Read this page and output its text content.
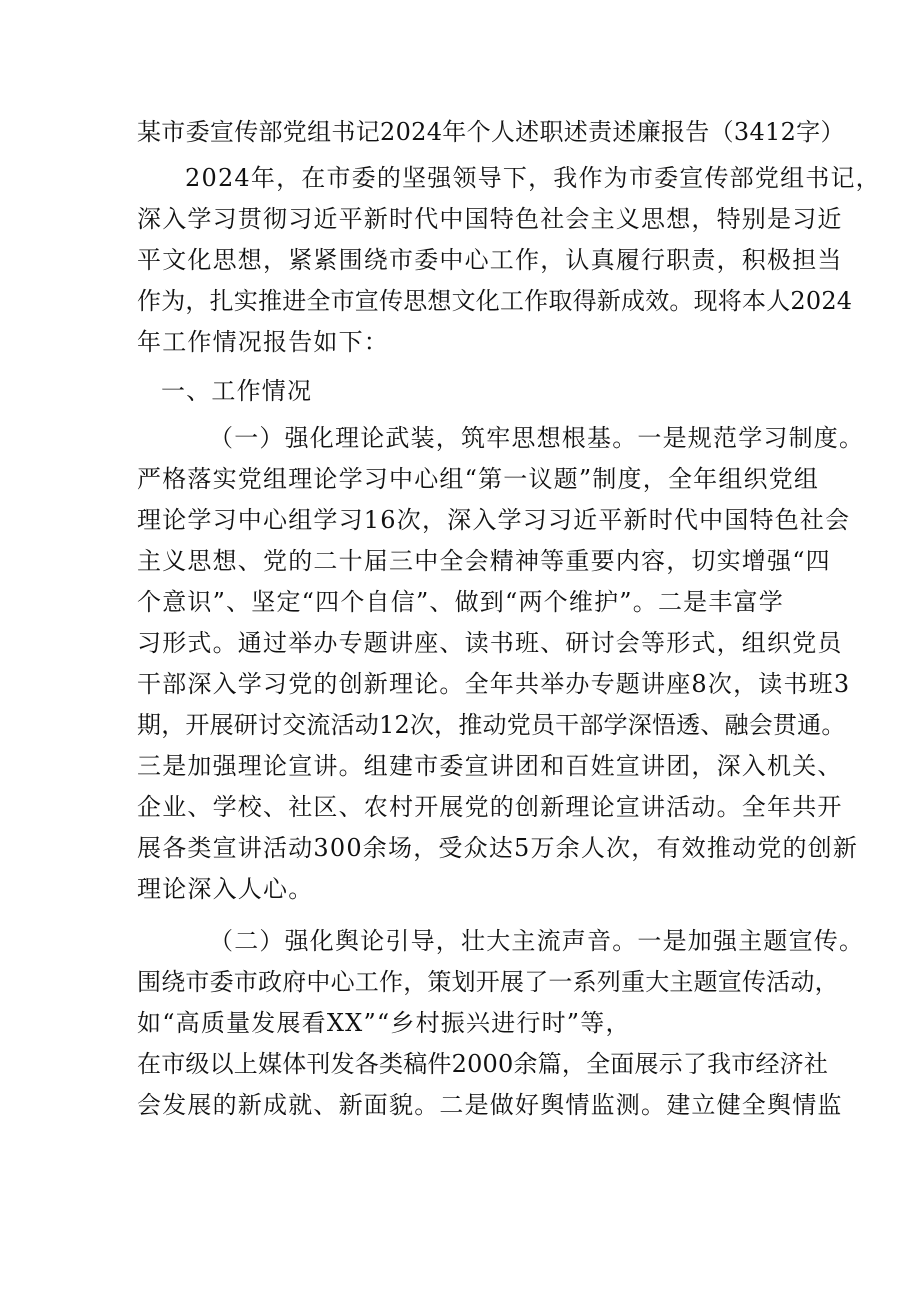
某市委宣传部党组书记2024年个人述职述责述廉报告（3412字）
2024年，在市委的坚强领导下，我作为市委宣传部党组书记，
深入学习贯彻习近平新时代中国特色社会主义思想，特别是习近
平文化思想，紧紧围绕市委中心工作，认真履行职责，积极担当
作为，扎实推进全市宣传思想文化工作取得新成效。现将本人2024
年工作情况报告如下：
一、工作情况
（一）强化理论武装，筑牢思想根基。一是规范学习制度。
严格落实党组理论学习中心组“第一议题”制度，全年组织党组
理论学习中心组学习16次，深入学习习近平新时代中国特色社会
主义思想、党的二十届三中全会精神等重要内容，切实增强“四
个意识”、坚定“四个自信”、做到“两个维护”。二是丰富学
习形式。通过举办专题讲座、读书班、研讨会等形式，组织党员
干部深入学习党的创新理论。全年共举办专题讲座8次，读书班3
期，开展研讨交流活动12次，推动党员干部学深悟透、融会贯通。
三是加强理论宣讲。组建市委宣讲团和百姓宣讲团，深入机关、
企业、学校、社区、农村开展党的创新理论宣讲活动。全年共开
展各类宣讲活动300余场，受众达5万余人次，有效推动党的创新
理论深入人心。
（二）强化舆论引导，壮大主流声音。一是加强主题宣传。
围绕市委市政府中心工作，策划开展了一系列重大主题宣传活动，
如“高质量发展看XX”“乡村振兴进行时”等，
在市级以上媒体刊发各类稿件2000余篇，全面展示了我市经济社
会发展的新成就、新面貌。二是做好舆情监测。建立健全舆情监
